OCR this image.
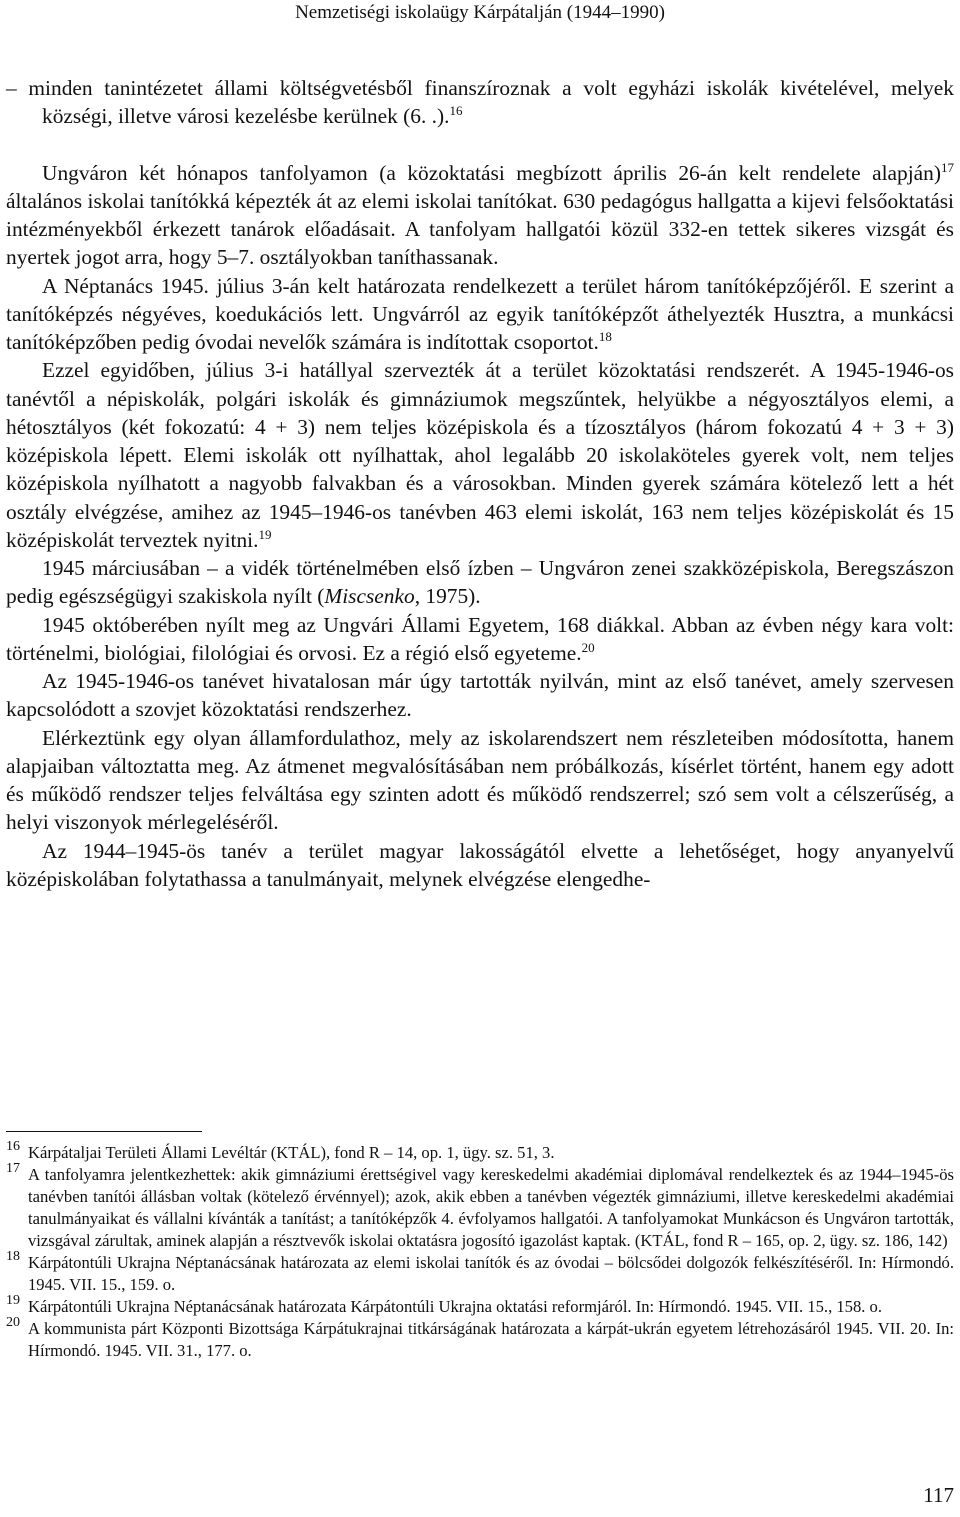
Nemzetiségi iskolaügy Kárpátalján (1944–1990)

– minden tanintézetet állami költségvetésből finanszíroznak a volt egyházi iskolák kivételével, melyek községi, illetve városi kezelésbe kerülnek (6. .).$^{16}$

Ungváron két hónapos tanfolyamon (a közoktatási megbízott április 26-án kelt rendelete alapján)$^{17}$ általános iskolai tanítókká képezték át az elemi iskolai tanítókat. 630 pedagógus hallgatta a kijevi felsőoktatási intézményekből érkezett tanárok előadásait. A tanfolyam hallgatói közül 332-en tettek sikeres vizsgát és nyertek jogot arra, hogy 5–7. osztályokban taníthassanak.

A Néptanács 1945. július 3-án kelt határozata rendelkezett a terület három tanítóképzőjéről. E szerint a tanítóképzés négyéves, koedukációs lett. Ungvárról az egyik tanítóképzőt áthelyezték Husztra, a munkácsi tanítóképzőben pedig óvodai nevelők számára is indítottak csoportot.$^{18}$

Ezzel egyidőben, július 3-i hatállyal szervezték át a terület közoktatási rendszerét. A 1945-1946-os tanévtől a népiskolák, polgári iskolák és gimnáziumok megszűntek, helyükbe a négyosztályos elemi, a hétosztályos (két fokozatú: 4 + 3) nem teljes középiskola és a tízosztályos (három fokozatú 4 + 3 + 3) középiskola lépett. Elemi iskolák ott nyílhattak, ahol legalább 20 iskolaköteles gyerek volt, nem teljes középiskola nyílhatott a nagyobb falvakban és a városokban. Minden gyerek számára kötelező lett a hét osztály elvégzése, amihez az 1945–1946-os tanévben 463 elemi iskolát, 163 nem teljes középiskolát és 15 középiskolát terveztek nyitni.$^{19}$

1945 márciusában – a vidék történelmében első ízben – Ungváron zenei szakközépiskola, Beregszászon pedig egészségügyi szakiskola nyílt (Miscsenko, 1975).

1945 októberében nyílt meg az Ungvári Állami Egyetem, 168 diákkal. Abban az évben négy kara volt: történelmi, biológiai, filológiai és orvosi. Ez a régió első egyeteme.$^{20}$

Az 1945-1946-os tanévet hivatalosan már úgy tartották nyilván, mint az első tanévet, amely szervesen kapcsolódott a szovjet közoktatási rendszerhez.

Elérkeztünk egy olyan államfordulathoz, mely az iskolarendszert nem részleteiben módosította, hanem alapjaiban változtatta meg. Az átmenet megvalósításában nem próbálkozás, kísérlet történt, hanem egy adott és működő rendszer teljes felváltása egy szinten adott és működő rendszerrel; szó sem volt a célszerűség, a helyi viszonyok mérlegeléséről.

Az 1944–1945-ös tanév a terület magyar lakosságától elvette a lehetőséget, hogy anyanyelvű középiskolában folytathassa a tanulmányait, melynek elvégzése elengedhe-

16 Kárpátaljai Területi Állami Levéltár (KTÁL), fond R – 14, op. 1, ügy. sz. 51, 3.
17 A tanfolyamra jelentkezhettek: akik gimnáziumi érettségivel vagy kereskedelmi akadémiai diplomával rendelkeztek és az 1944–1945-ös tanévben tanítói állásban voltak (kötelező érvénnyel); azok, akik ebben a tanévben végezték gimnáziumi, illetve kereskedelmi akadémiai tanulmányaikat és vállalni kívánták a tanítást; a tanítóképzők 4. évfolyamos hallgatói. A tanfolyamokat Munkácson és Ungváron tartották, vizsgával zárultak, aminek alapján a résztvevők iskolai oktatásra jogosító igazolást kaptak. (KTÁL, fond R – 165, op. 2, ügy. sz. 186, 142)
18 Kárpátontúli Ukrajna Néptanácsának határozata az elemi iskolai tanítók és az óvodai – bölcsődei dolgozók felkészítéséről. In: Hírmondó. 1945. VII. 15., 159. o.
19 Kárpátontúli Ukrajna Néptanácsának határozata Kárpátontúli Ukrajna oktatási reformjáról. In: Hírmondó. 1945. VII. 15., 158. o.
20 A kommunista párt Központi Bizottsága Kárpátukrajnai titkárságának határozata a kárpát-ukrán egyetem létrehozásáról 1945. VII. 20. In: Hírmondó. 1945. VII. 31., 177. o.
117
